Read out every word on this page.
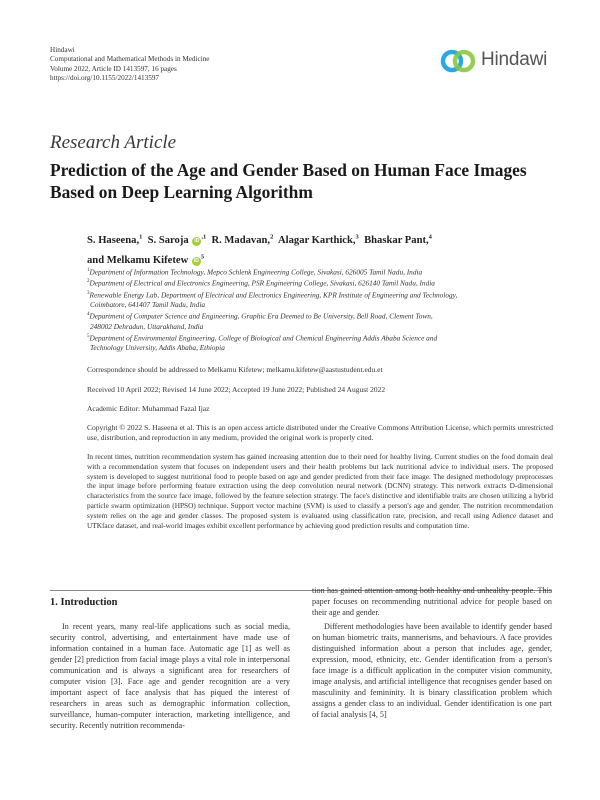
Hindawi
Computational and Mathematical Methods in Medicine
Volume 2022, Article ID 1413597, 16 pages
https://doi.org/10.1155/2022/1413597
Hindawi
Research Article
Prediction of the Age and Gender Based on Human Face Images Based on Deep Learning Algorithm
S. Haseena,$^1$ S. Saroja $iD^{,1}$ R. Madavan,$^2$ Alagar Karthick,$^3$ Bhaskar Pant,$^4$
and Melkamu Kifetew $iD^5$
$^1$Department of Information Technology, Mepco Schlenk Engineering College, Sivakasi, 626005 Tamil Nadu, India
$^2$Department of Electrical and Electronics Engineering, PSR Engineering College, Sivakasi, 626140 Tamil Nadu, India
$^3$Renewable Energy Lab, Department of Electrical and Electronics Engineering, KPR Institute of Engineering and Technology,
Coimbatore, 641407 Tamil Nadu, India
$^4$Department of Computer Science and Engineering, Graphic Era Deemed to Be University, Bell Road, Clement Town,
248002 Dehradun, Uttarakhand, India
$^5$Department of Environmental Engineering, College of Biological and Chemical Engineering Addis Ababa Science and
Technology University, Addis Ababa, Ethiopia
Correspondence should be addressed to Melkamu Kifetew; melkamu.kifetew@aastustudent.edu.et
Received 10 April 2022; Revised 14 June 2022; Accepted 19 June 2022; Published 24 August 2022
Academic Editor: Muhammad Fazal Ijaz
Copyright © 2022 S. Haseena et al. This is an open access article distributed under the Creative Commons Attribution License, which permits unrestricted use, distribution, and reproduction in any medium, provided the original work is properly cited.
In recent times, nutrition recommendation system has gained increasing attention due to their need for healthy living. Current studies on the food domain deal with a recommendation system that focuses on independent users and their health problems but lack nutritional advice to individual users. The proposed system is developed to suggest nutritional food to people based on age and gender predicted from their face image. The designed methodology preprocesses the input image before performing feature extraction using the deep convolution neural network (DCNN) strategy. This network extracts D-dimensional characteristics from the source face image, followed by the feature selection strategy. The face's distinctive and identifiable traits are chosen utilizing a hybrid particle swarm optimization (HPSO) technique. Support vector machine (SVM) is used to classify a person's age and gender. The nutrition recommendation system relies on the age and gender classes. The proposed system is evaluated using classification rate, precision, and recall using Adience dataset and UTKface dataset, and real-world images exhibit excellent performance by achieving good prediction results and computation time.
1. Introduction

In recent years, many real-life applications such as social media, security control, advertising, and entertainment have made use of information contained in a human face. Automatic age [1] as well as gender [2] prediction from facial image plays a vital role in interpersonal communication and is always a significant area for researchers of computer vision [3]. Face age and gender recognition are a very important aspect of face analysis that has piqued the interest of researchers in areas such as demographic information collection, surveillance, human-computer interaction, marketing intelligence, and security. Recently nutrition recommenda-

tion has gained attention among both healthy and unhealthy people. This paper focuses on recommending nutritional advice for people based on their age and gender.

Different methodologies have been available to identify gender based on human biometric traits, mannerisms, and behaviours. A face provides distinguished information about a person that includes age, gender, expression, mood, ethnicity, etc. Gender identification from a person's face image is a difficult application in the computer vision community, image analysis, and artificial intelligence that recognises gender based on masculinity and femininity. It is binary classification problem which assigns a gender class to an individual. Gender identification is one part of facial analysis [4, 5]
